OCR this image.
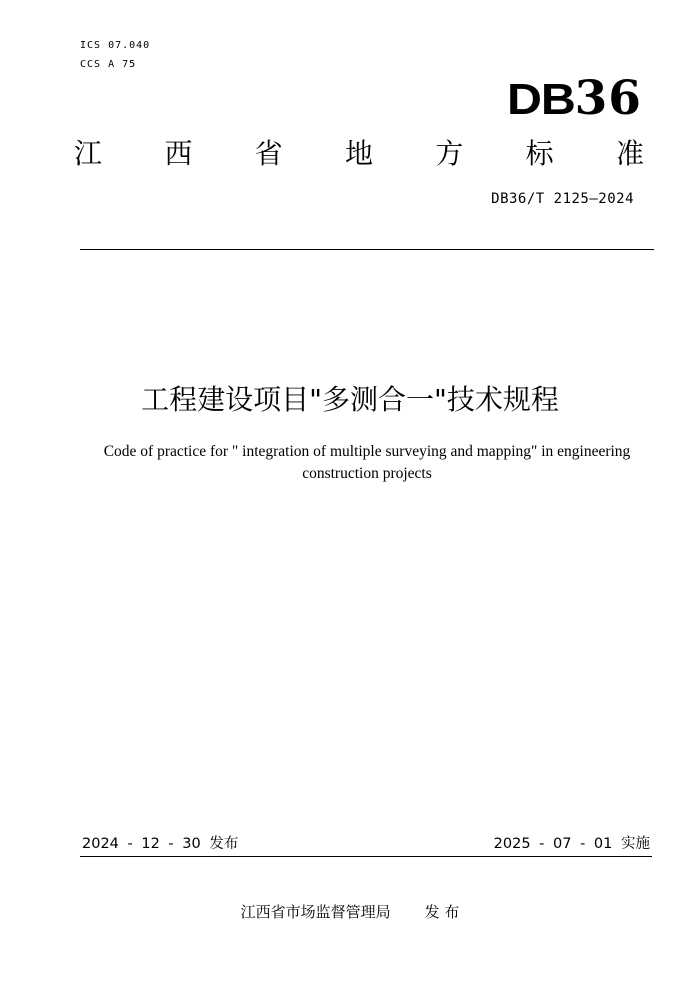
ICS 07.040
CCS A 75
DB 36
江 西 省 地 方 标 准
DB36/T 2125—2024
工程建设项目"多测合一"技术规程
Code of practice for " integration of multiple surveying and mapping" in engineering
construction projects
2024 - 12 - 30 发布	2025 - 07 - 01 实施
江西省市场监督管理局 发 布
